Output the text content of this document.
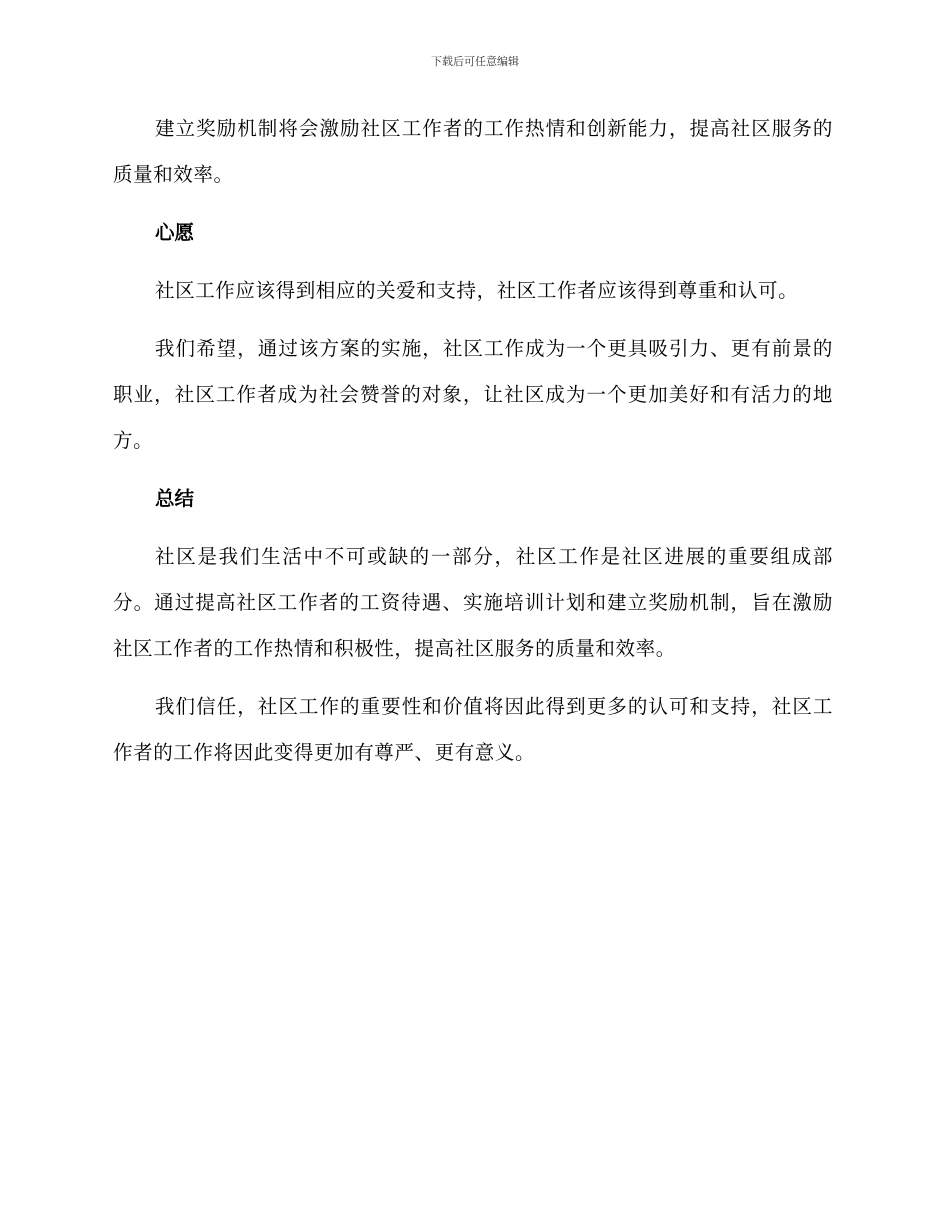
下载后可任意编辑

建立奖励机制将会激励社区工作者的工作热情和创新能力，提高社区服务的质量和效率。

心愿

社区工作应该得到相应的关爱和支持，社区工作者应该得到尊重和认可。

我们希望，通过该方案的实施，社区工作成为一个更具吸引力、更有前景的职业，社区工作者成为社会赞誉的对象，让社区成为一个更加美好和有活力的地方。

总结

社区是我们生活中不可或缺的一部分，社区工作是社区进展的重要组成部分。通过提高社区工作者的工资待遇、实施培训计划和建立奖励机制，旨在激励社区工作者的工作热情和积极性，提高社区服务的质量和效率。

我们信任，社区工作的重要性和价值将因此得到更多的认可和支持，社区工作者的工作将因此变得更加有尊严、更有意义。
